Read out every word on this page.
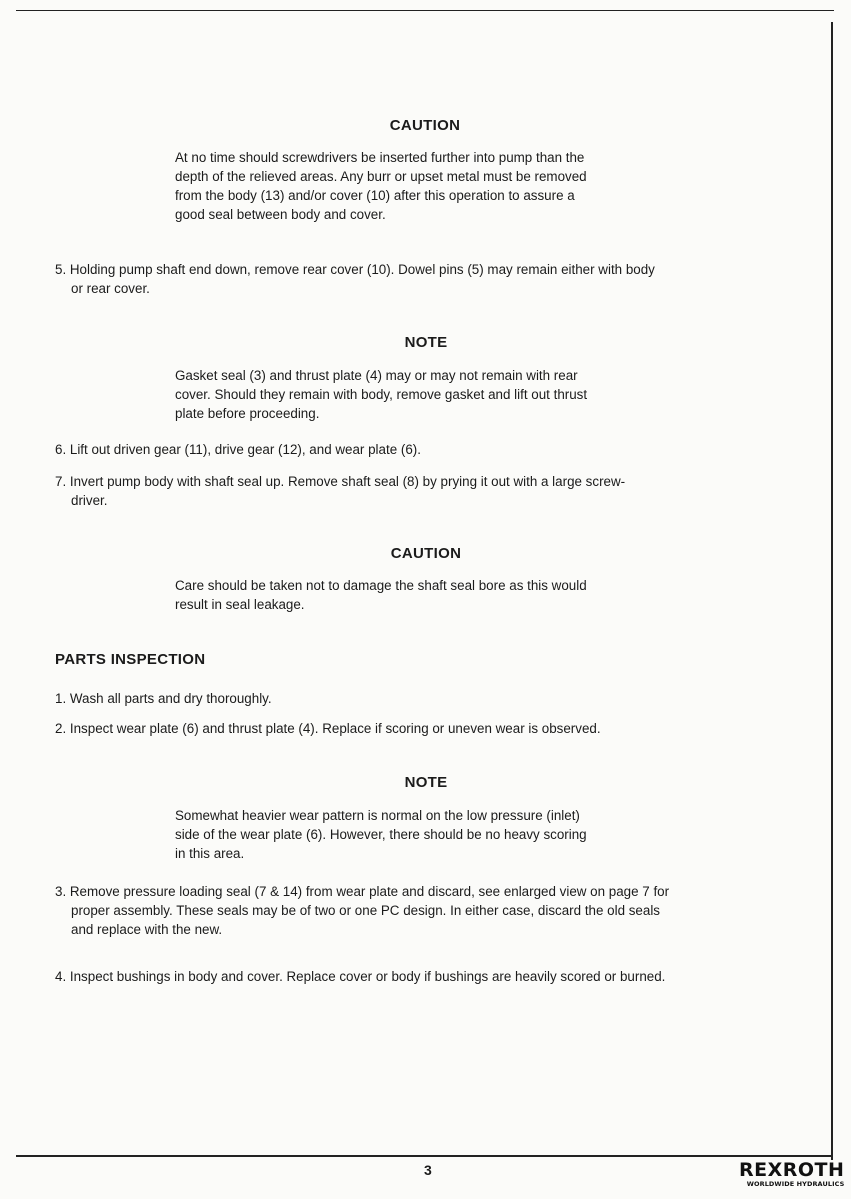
CAUTION
At no time should screwdrivers be inserted further into pump than the
depth of the relieved areas. Any burr or upset metal must be removed
from the body (13) and/or cover (10) after this operation to assure a
good seal between body and cover.
5. Holding pump shaft end down, remove rear cover (10). Dowel pins (5) may remain either with body
or rear cover.
NOTE
Gasket seal (3) and thrust plate (4) may or may not remain with rear
cover. Should they remain with body, remove gasket and lift out thrust
plate before proceeding.
6. Lift out driven gear (11), drive gear (12), and wear plate (6).
7. Invert pump body with shaft seal up. Remove shaft seal (8) by prying it out with a large screw-
driver.
CAUTION
Care should be taken not to damage the shaft seal bore as this would
result in seal leakage.
PARTS INSPECTION
1. Wash all parts and dry thoroughly.
2. Inspect wear plate (6) and thrust plate (4). Replace if scoring or uneven wear is observed.
NOTE
Somewhat heavier wear pattern is normal on the low pressure (inlet)
side of the wear plate (6). However, there should be no heavy scoring
in this area.
3. Remove pressure loading seal (7 & 14) from wear plate and discard, see enlarged view on page 7 for
proper assembly. These seals may be of two or one PC design. In either case, discard the old seals
and replace with the new.
4. Inspect bushings in body and cover. Replace cover or body if bushings are heavily scored or burned.
3	REXROTH
WORLDWIDE HYDRAULICS
